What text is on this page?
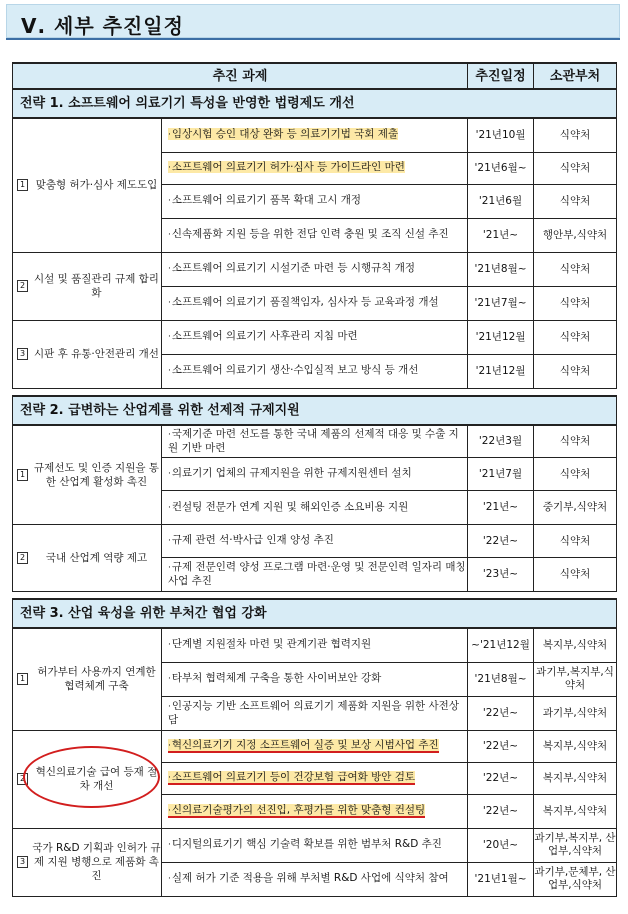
Ⅴ. 세부 추진일정
추진 과제		추진일정	소관부처
전략 1. 소프트웨어 의료기기 특성을 반영한 법령제도 개선			

1 맞춤형 허가·심사 제도도입	·임상시험 승인 대상 완화 등 의료기기법 국회 제출	'21년10월	식약처
	·소프트웨어 의료기기 허가·심사 등 가이드라인 마련	'21년6월~	식약처
	·소프트웨어 의료기기 품목 확대 고시 개정	'21년6월	식약처
	·신속제품화 지원 등을 위한 전담 인력 충원 및 조직 신설 추진	'21년~	행안부,식약처

2
시설 및 품질관리 규제 합리화	·소프트웨어 의료기기 시설기준 마련 등 시행규칙 개정	'21년8월~	식약처
	·소프트웨어 의료기기 품질책임자, 심사자 등 교육과정 개설	'21년7월~	식약처

3 시판 후 유통·안전관리 개선	·소프트웨어 의료기기 사후관리 지침 마련	'21년12월	식약처
	·소프트웨어 의료기기 생산·수입실적 보고 방식 등 개선	'21년12월	식약처

전략 2. 급변하는 산업계를 위한 선제적 규제지원			

1
규제선도 및 인증 지원을 통한 산업계 활성화 촉진	·국제기준 마련 선도를 통한 국내 제품의 선제적 대응 및 수출 지원 기반 마련	'22년3월	식약처
	·의료기기 업체의 규제지원을 위한 규제지원센터 설치	'21년7월	식약처
	·컨설팅 전문가 연계 지원 및 해외인증 소요비용 지원	'21년~	중기부,식약처

2 국내 산업계 역량 제고	·규제 관련 석·박사급 인재 양성 추진	'22년~	식약처
	·규제 전문인력 양성 프로그램 마련·운영 및 전문인력 일자리 매칭 사업 추진	'23년~	식약처

전략 3. 산업 육성을 위한 부처간 협업 강화			

1
허가부터 사용까지 연계한 협력체계 구축	·단계별 지원절차 마련 및 관계기관 협력지원	~'21년12월	복지부,식약처
	·타부처 협력체계 구축을 통한 사이버보안 강화	'21년8월~	과기부,복지부,식약처
	·인공지능 기반 소프트웨어 의료기기 제품화 지원을 위한 사전상담	'22년~	과기부,식약처

2
혁신의료기술 급여 등재 절차 개선	·혁신의료기기 지정 소프트웨어 실증 및 보상 시범사업 추진	'22년~	복지부,식약처
	·소프트웨어 의료기기 등이 건강보험 급여화 방안 검토	'22년~	복지부,식약처
	·신의료기술평가의 선진입, 후평가를 위한 맞춤형 컨설팅	'22년~	복지부,식약처

3
국가 R&D 기획과 인허가 규제 지원 병행으로 제품화 촉진	·디지털의료기기 핵심 기술력 확보를 위한 범부처 R&D 추진	'20년~	과기부,복지부, 산업부,식약처
	·실제 허가 기준 적용을 위해 부처별 R&D 사업에 식약처 참여	'21년1월~	과기부,문체부, 산업부,식약처
